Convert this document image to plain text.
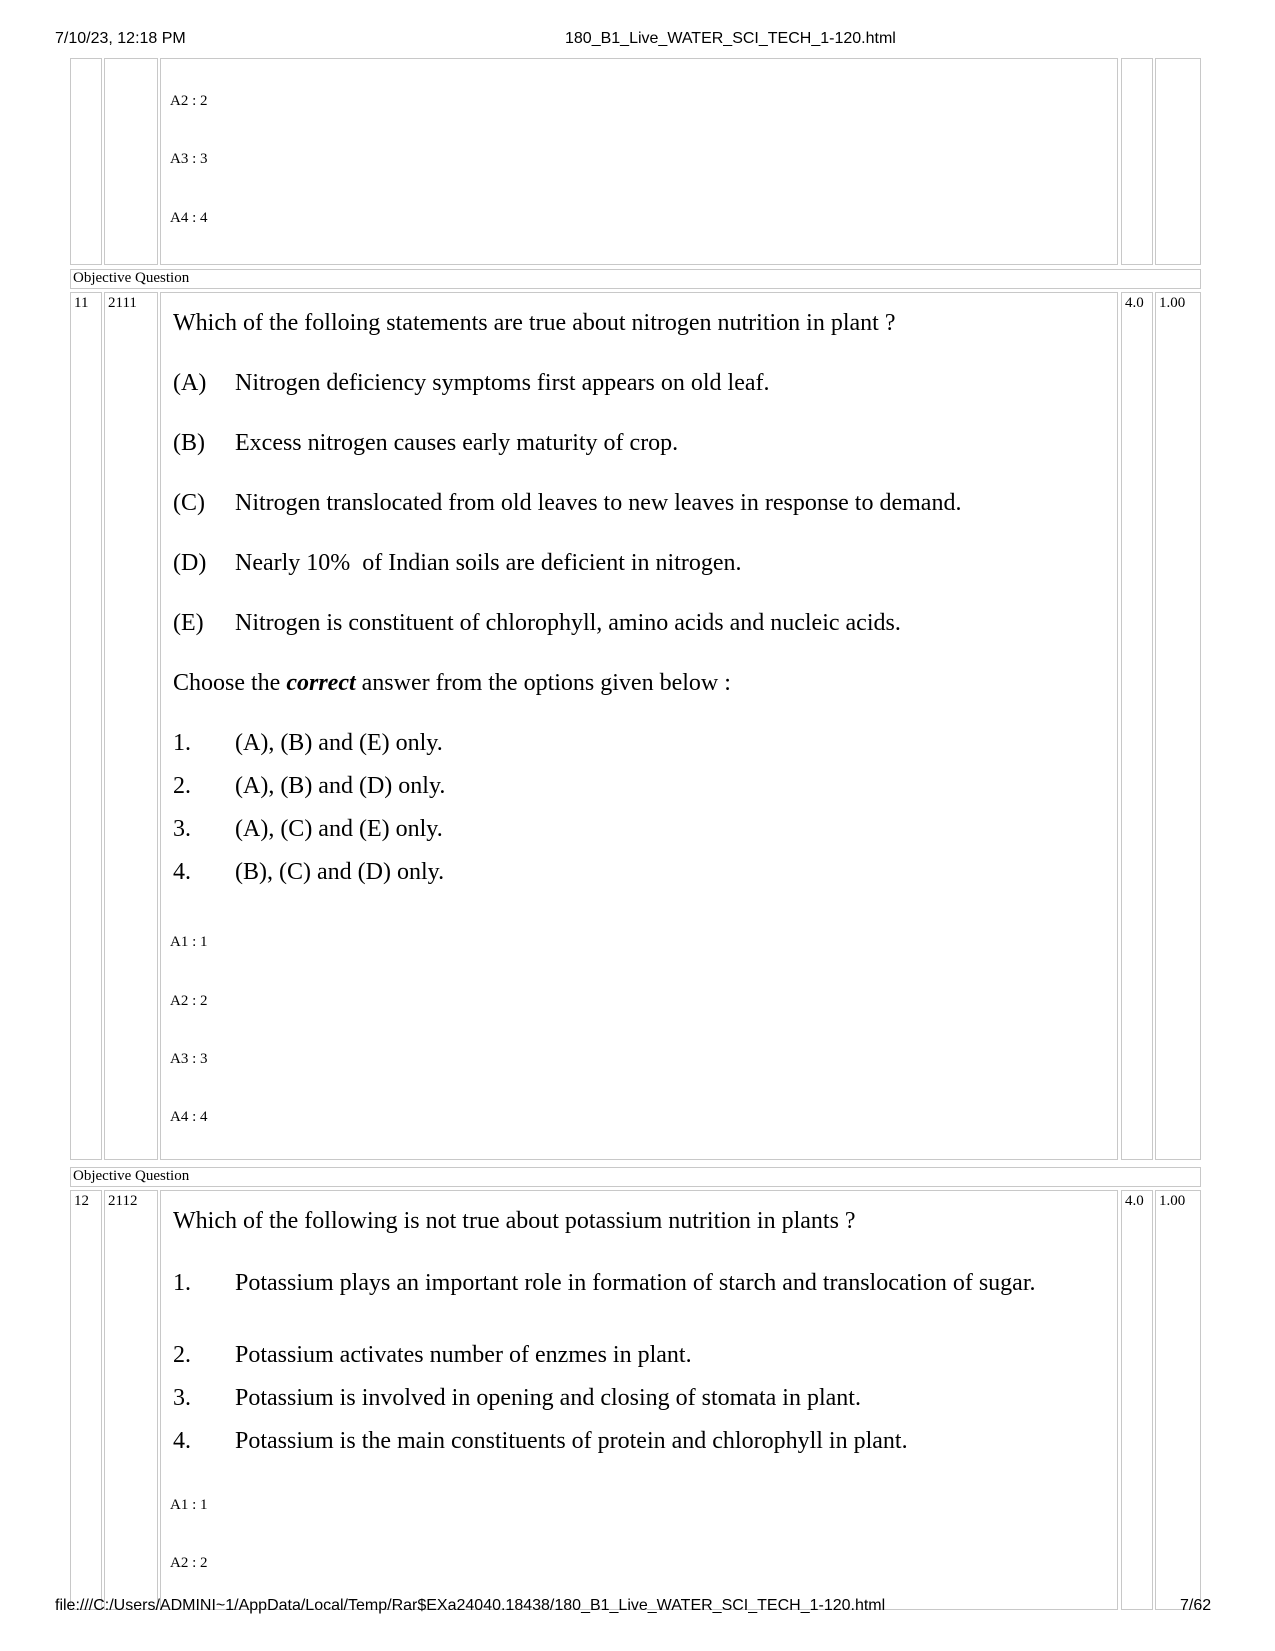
7/10/23, 12:18 PM	180_B1_Live_WATER_SCI_TECH_1-120.html
A2 : 2
A3 : 3
A4 : 4
Objective Question
11 2111	4.0 1.00
Which of the folloing statements are true about nitrogen nutrition in plant ?
(A) Nitrogen deficiency symptoms first appears on old leaf.
(B) Excess nitrogen causes early maturity of crop.
(C) Nitrogen translocated from old leaves to new leaves in response to demand.
(D) Nearly 10%  of Indian soils are deficient in nitrogen.
(E) Nitrogen is constituent of chlorophyll, amino acids and nucleic acids.
Choose the correct answer from the options given below :
1. (A), (B) and (E) only.
2. (A), (B) and (D) only.
3. (A), (C) and (E) only.
4. (B), (C) and (D) only.
A1 : 1
A2 : 2
A3 : 3
A4 : 4
Objective Question
12 2112	4.0 1.00
Which of the following is not true about potassium nutrition in plants ?
1. Potassium plays an important role in formation of starch and translocation of sugar.
2. Potassium activates number of enzmes in plant.
3. Potassium is involved in opening and closing of stomata in plant.
4. Potassium is the main constituents of protein and chlorophyll in plant.
A1 : 1
A2 : 2
file:///C:/Users/ADMINI~1/AppData/Local/Temp/Rar$EXa24040.18438/180_B1_Live_WATER_SCI_TECH_1-120.html	7/62
